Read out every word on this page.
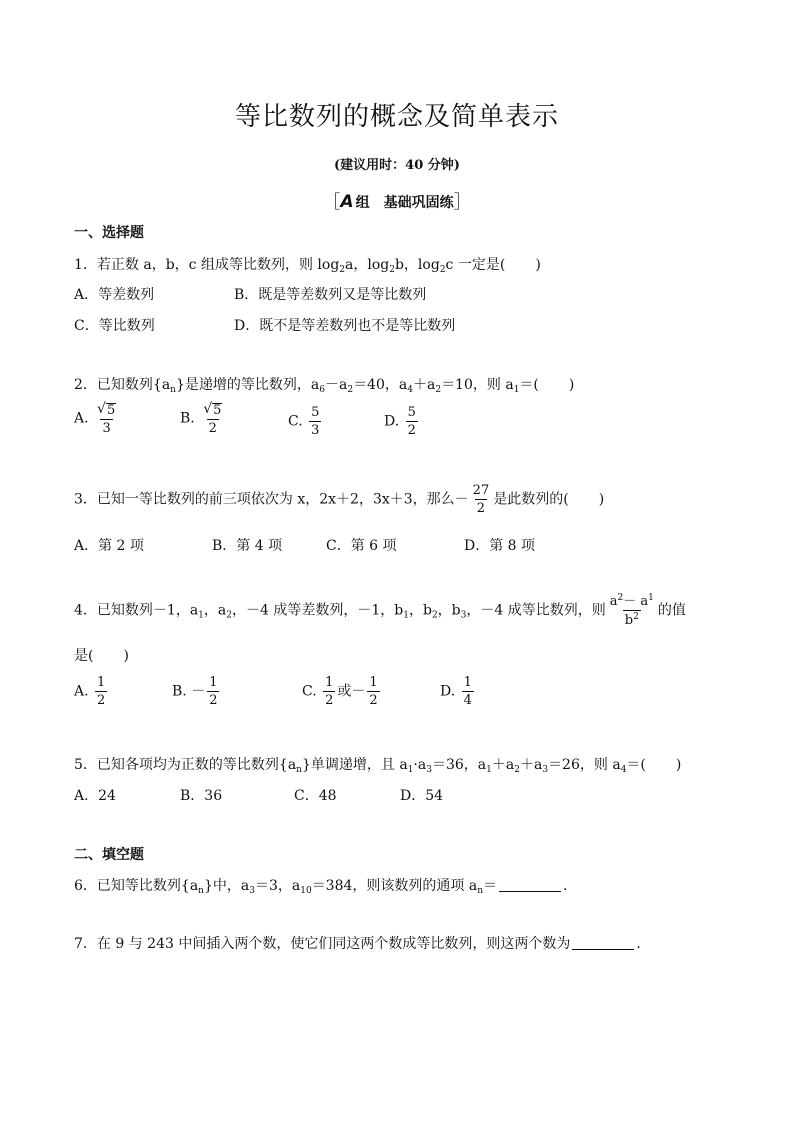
等比数列的概念及简单表示
(建议用时：40 分钟)
［A 组　基础巩固练］
一、选择题
1．若正数 a，b，c 组成等比数列，则 $\log_2a$，$\log_2b$，$\log_2c$ 一定是( )
A．等差数列	B．既是等差数列又是等比数列
C．等比数列	D．既不是等差数列也不是等比数列
2．已知数列$\{a_n\}$是递增的等比数列，$a_6-a_2=40$，$a_4+a_2=10$，则 $a_1=$( )
A. $\frac{√ 5}{3}$	B. $\frac{√ 5}{2}$	C. $\frac{5}{3}$	D. $\frac{5}{2}$
3．已知一等比数列的前三项依次为 x，2x＋2，3x＋3，那么－ $\frac{27}{2}$ 是此数列的( )
A．第 2 项	B．第 4 项	C．第 6 项	D．第 8 项
4．已知数列－1，$a_1$，$a_2$，－4 成等差数列，－1，$b_1$，$b_2$，$b_3$，－4 成等比数列，则 $\frac{a^2- a^1}{b^2}$ 的值
是( )
A. $\frac{1}{2}$	B. － $\frac{1}{2}$	C. $\frac{1}{2}$ 或－ $\frac{1}{2}$	D. $\frac{1}{4}$
5．已知各项均为正数的等比数列$\{a_n\}$单调递增，且 $a_1\cdot a_3=36$，$a_1+a_2+a_3=26$，则 $a_4=$( )
A．24	B．36	C．48	D．54
二、填空题
6．已知等比数列$\{a_n\}$中，$a_3=3$，$a_{10}=384$，则该数列的通项 $a_n=$	.
7．在 9 与 243 中间插入两个数，使它们同这两个数成等比数列，则这两个数为	.
